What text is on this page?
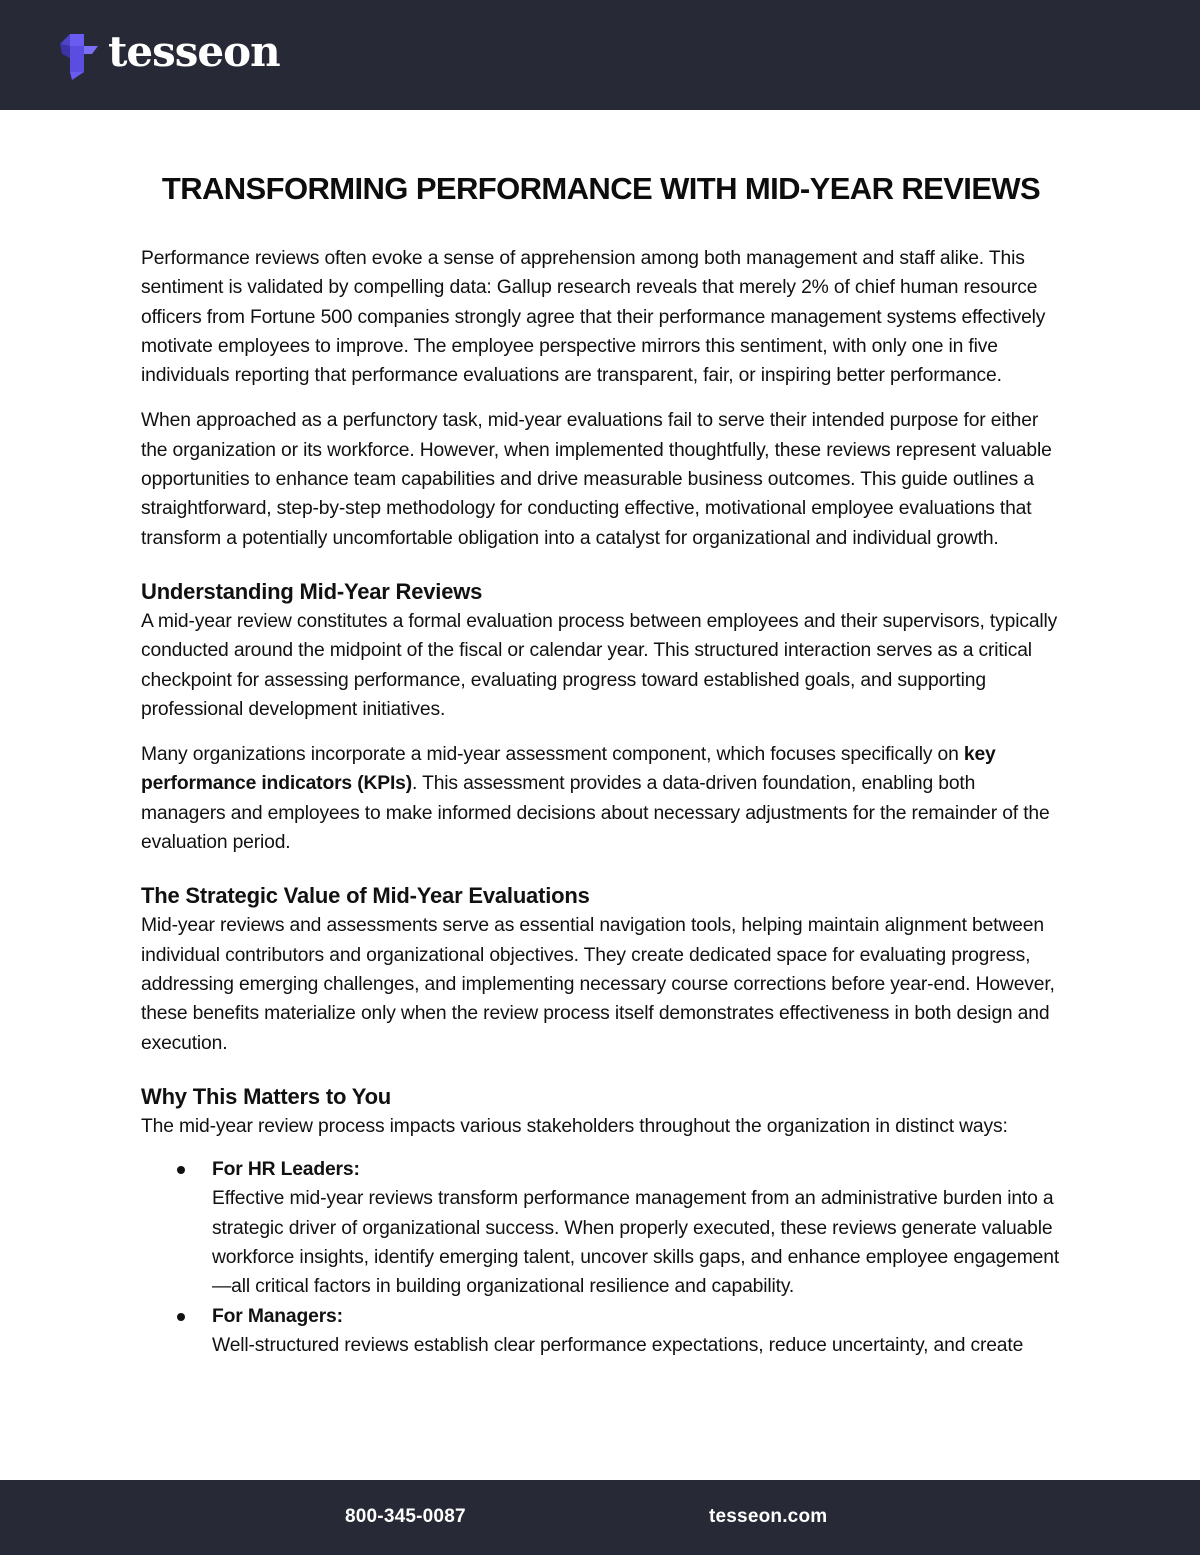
tesseon
TRANSFORMING PERFORMANCE WITH MID-YEAR REVIEWS

Performance reviews often evoke a sense of apprehension among both management and staff alike. This sentiment is validated by compelling data: Gallup research reveals that merely 2% of chief human resource officers from Fortune 500 companies strongly agree that their performance management systems effectively motivate employees to improve. The employee perspective mirrors this sentiment, with only one in five individuals reporting that performance evaluations are transparent, fair, or inspiring better performance.

When approached as a perfunctory task, mid-year evaluations fail to serve their intended purpose for either the organization or its workforce. However, when implemented thoughtfully, these reviews represent valuable opportunities to enhance team capabilities and drive measurable business outcomes. This guide outlines a straightforward, step-by-step methodology for conducting effective, motivational employee evaluations that transform a potentially uncomfortable obligation into a catalyst for organizational and individual growth.

Understanding Mid-Year Reviews

A mid-year review constitutes a formal evaluation process between employees and their supervisors, typically conducted around the midpoint of the fiscal or calendar year. This structured interaction serves as a critical checkpoint for assessing performance, evaluating progress toward established goals, and supporting professional development initiatives.

Many organizations incorporate a mid-year assessment component, which focuses specifically on key performance indicators (KPIs). This assessment provides a data-driven foundation, enabling both managers and employees to make informed decisions about necessary adjustments for the remainder of the evaluation period.

The Strategic Value of Mid-Year Evaluations

Mid-year reviews and assessments serve as essential navigation tools, helping maintain alignment between individual contributors and organizational objectives. They create dedicated space for evaluating progress, addressing emerging challenges, and implementing necessary course corrections before year-end. However, these benefits materialize only when the review process itself demonstrates effectiveness in both design and execution.

Why This Matters to You

The mid-year review process impacts various stakeholders throughout the organization in distinct ways:

For HR Leaders:
Effective mid-year reviews transform performance management from an administrative burden into a strategic driver of organizational success. When properly executed, these reviews generate valuable workforce insights, identify emerging talent, uncover skills gaps, and enhance employee engagement—all critical factors in building organizational resilience and capability.
For Managers:
Well-structured reviews establish clear performance expectations, reduce uncertainty, and create
800-345-0087	tesseon.com
